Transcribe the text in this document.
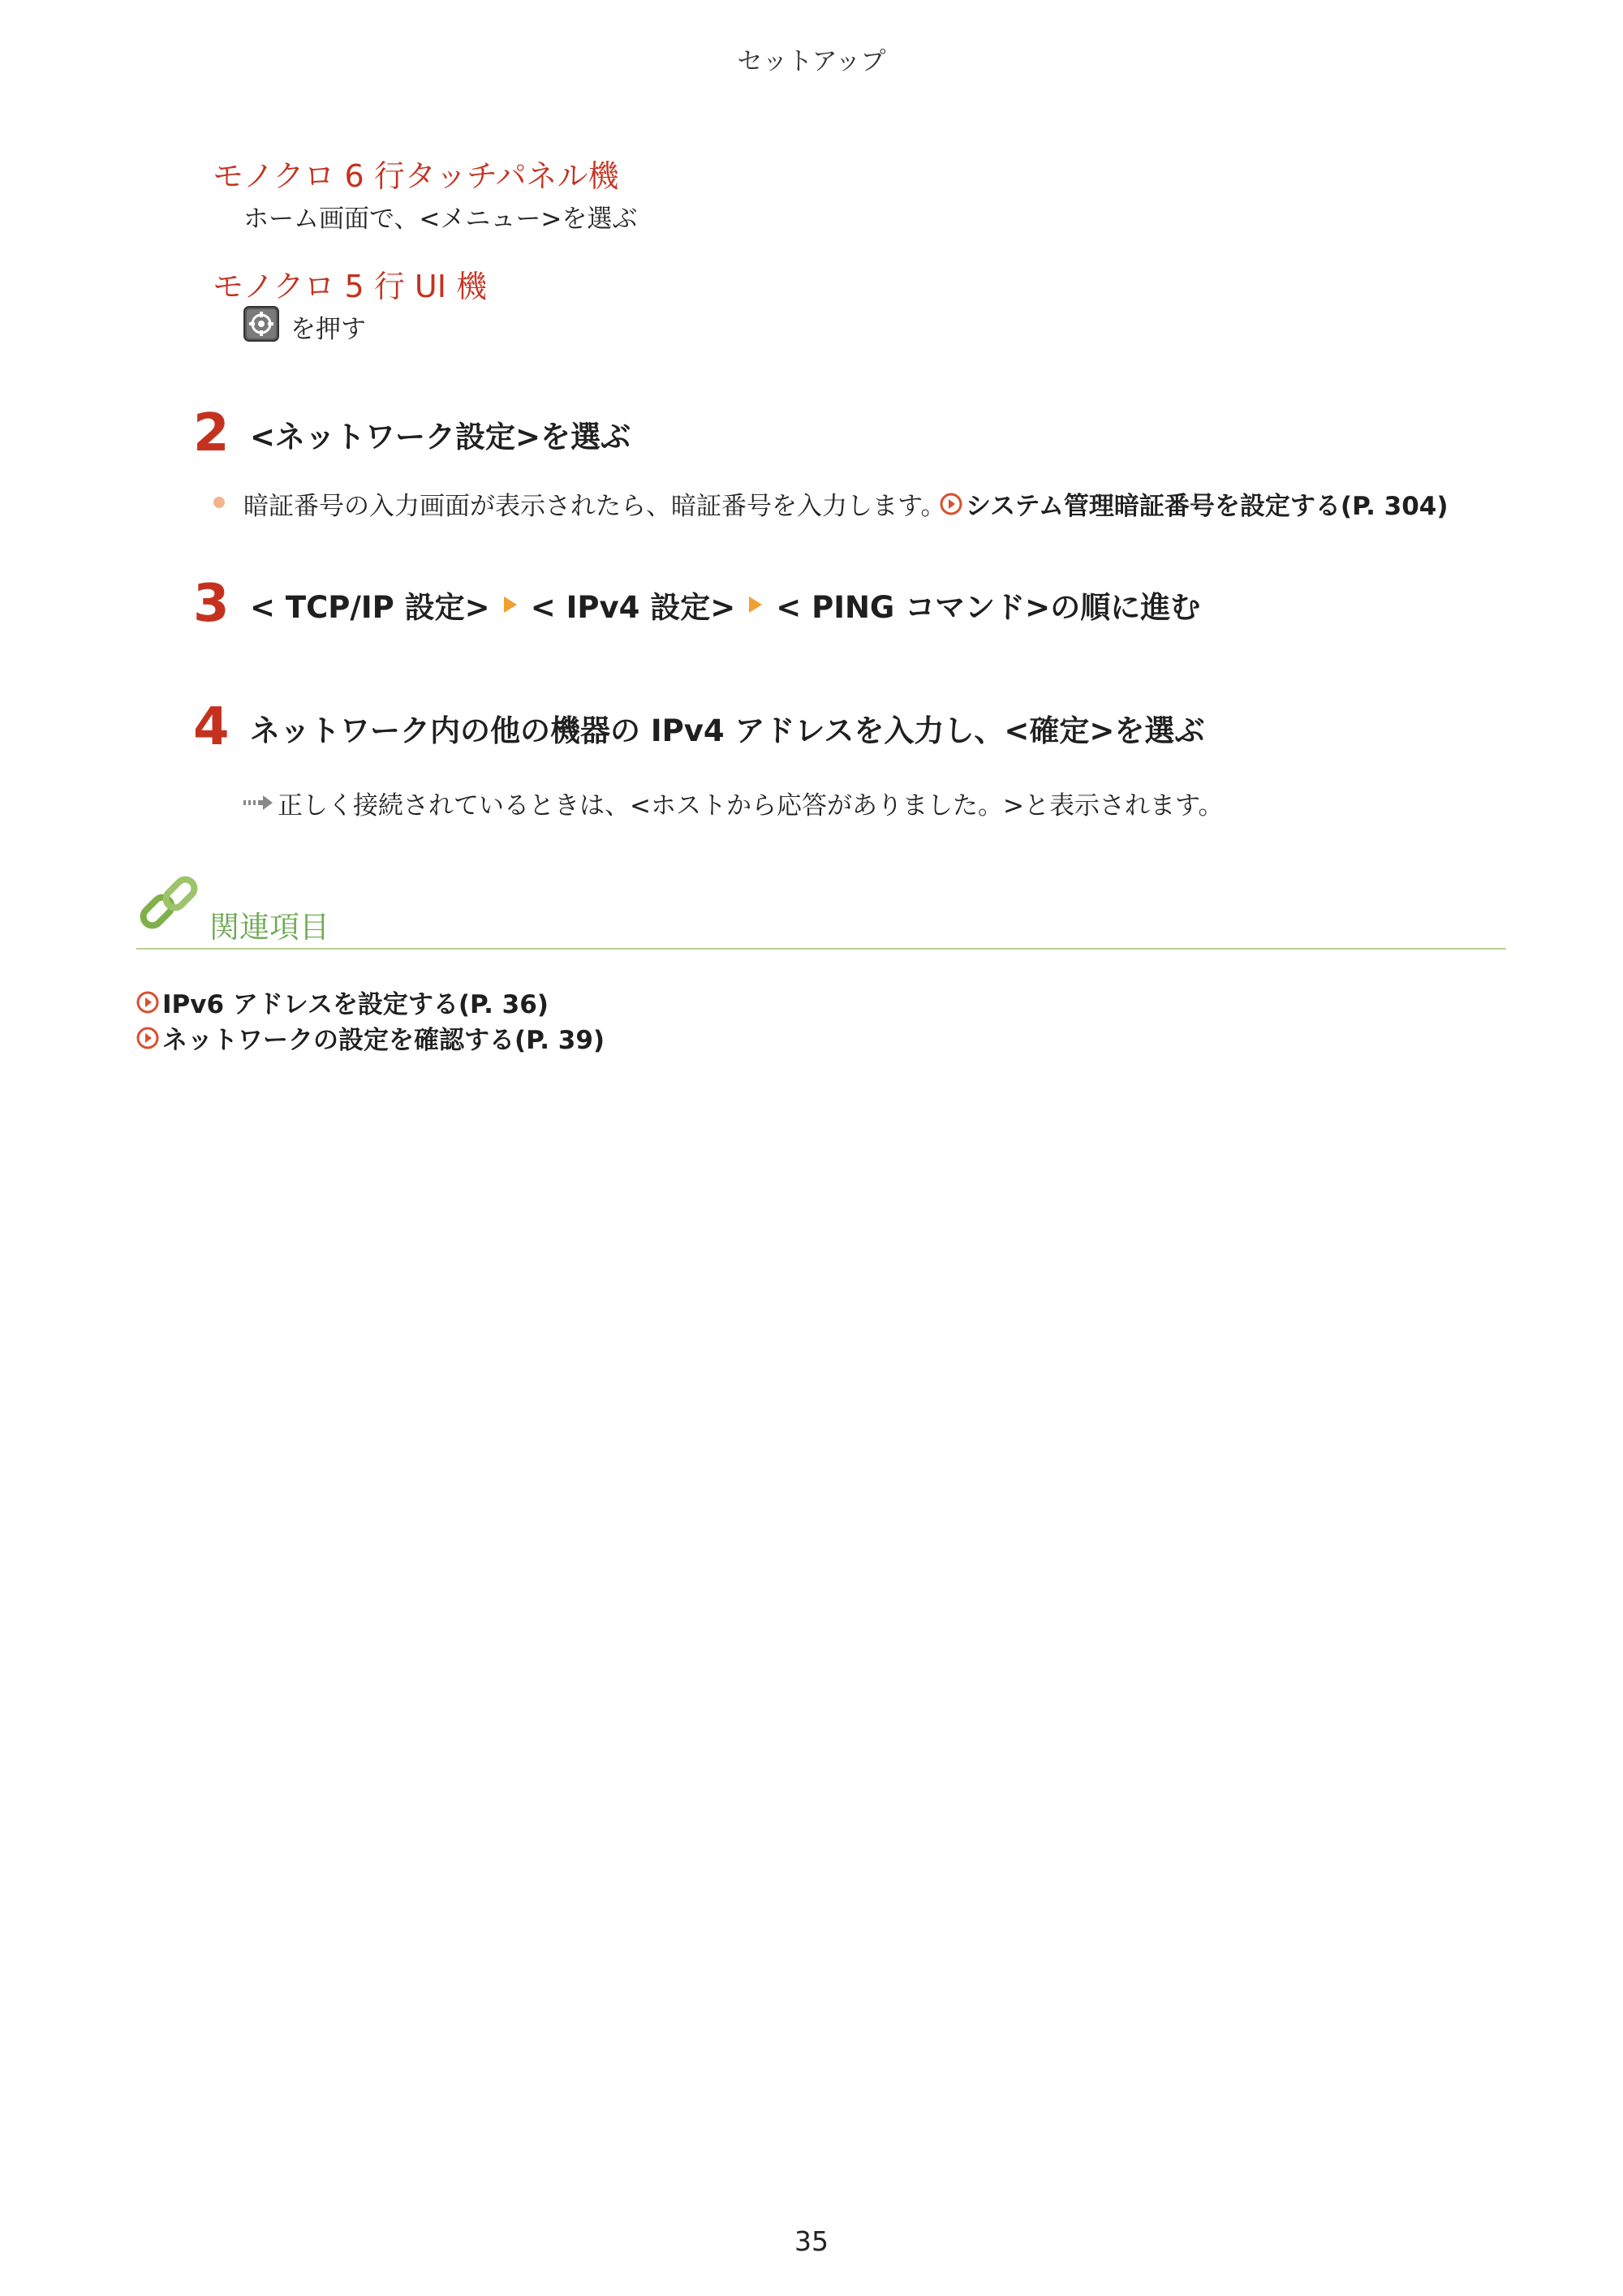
セットアップ
モノクロ 6 行タッチパネル機
ホーム画面で、<メニュー>を選ぶ
モノクロ 5 行 UI 機
を押す
2 <ネットワーク設定>を選ぶ
暗証番号の入力画面が表示されたら、暗証番号を入力します。 システム管理暗証番号を設定する(P. 304)
3 < TCP/IP 設定> < IPv4 設定> < PING コマンド>の順に進む
4 ネットワーク内の他の機器の IPv4 アドレスを入力し、<確定>を選ぶ
正しく接続されているときは、<ホストから応答がありました。>と表示されます。
関連項目
IPv6 アドレスを設定する(P. 36)
ネットワークの設定を確認する(P. 39)
35
